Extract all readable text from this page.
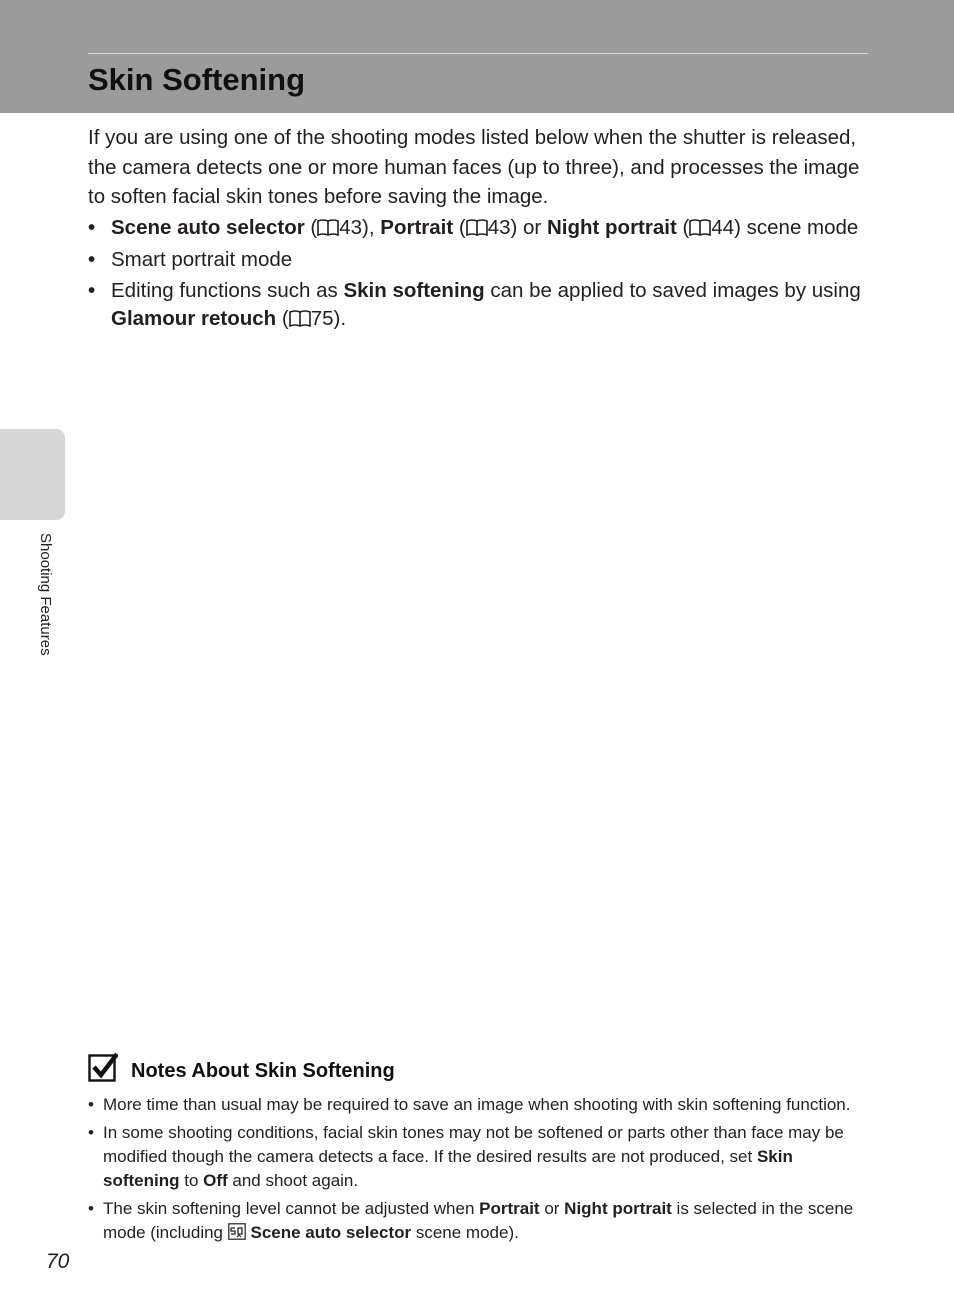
Skin Softening
Shooting Features

If you are using one of the shooting modes listed below when the shutter is released, the camera detects one or more human faces (up to three), and processes the image to soften facial skin tones before saving the image.

• Scene auto selector ( 43), Portrait ( 43) or Night portrait ( 44) scene mode
• Smart portrait mode
• Editing functions such as Skin softening can be applied to saved images by using Glamour retouch ( 75).
Notes About Skin Softening
• More time than usual may be required to save an image when shooting with skin softening function.
• In some shooting conditions, facial skin tones may not be softened or parts other than face may be modified though the camera detects a face. If the desired results are not produced, set Skin softening to Off and shoot again.
• The skin softening level cannot be adjusted when Portrait or Night portrait is selected in the scene mode (including  Scene auto selector scene mode).
70
